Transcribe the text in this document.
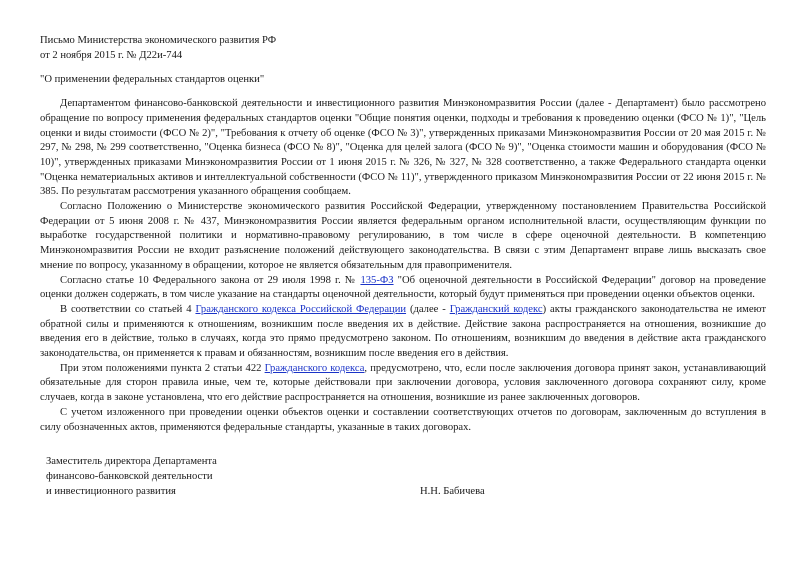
Письмо Министерства экономического развития РФ
от 2 ноября 2015 г. № Д22и-744
"О применении федеральных стандартов оценки"

Департаментом финансово-банковской деятельности и инвестиционного развития Минэкономразвития России (далее - Департамент) было рассмотрено обращение по вопросу применения федеральных стандартов оценки "Общие понятия оценки, подходы и требования к проведению оценки (ФСО № 1)", "Цель оценки и виды стоимости (ФСО № 2)", "Требования к отчету об оценке (ФСО № 3)", утвержденных приказами Минэкономразвития России от 20 мая 2015 г. № 297, № 298, № 299 соответственно, "Оценка бизнеса (ФСО № 8)", "Оценка для целей залога (ФСО № 9)", "Оценка стоимости машин и оборудования (ФСО № 10)", утвержденных приказами Минэкономразвития России от 1 июня 2015 г. № 326, № 327, № 328 соответственно, а также Федерального стандарта оценки "Оценка нематериальных активов и интеллектуальной собственности (ФСО № 11)", утвержденного приказом Минэкономразвития России от 22 июня 2015 г. № 385. По результатам рассмотрения указанного обращения сообщаем.

Согласно Положению о Министерстве экономического развития Российской Федерации, утвержденному постановлением Правительства Российской Федерации от 5 июня 2008 г. № 437, Минэкономразвития России является федеральным органом исполнительной власти, осуществляющим функции по выработке государственной политики и нормативно-правовому регулированию, в том числе в сфере оценочной деятельности. В компетенцию Минэкономразвития России не входит разъяснение положений действующего законодательства. В связи с этим Департамент вправе лишь высказать свое мнение по вопросу, указанному в обращении, которое не является обязательным для правоприменителя.

Согласно статье 10 Федерального закона от 29 июля 1998 г. № 135-ФЗ "Об оценочной деятельности в Российской Федерации" договор на проведение оценки должен содержать, в том числе указание на стандарты оценочной деятельности, который будут применяться при проведении оценки объектов оценки.

В соответствии со статьей 4 Гражданского кодекса Российской Федерации (далее - Гражданский кодекс) акты гражданского законодательства не имеют обратной силы и применяются к отношениям, возникшим после введения их в действие. Действие закона распространяется на отношения, возникшие до введения его в действие, только в случаях, когда это прямо предусмотрено законом. По отношениям, возникшим до введения в действие акта гражданского законодательства, он применяется к правам и обязанностям, возникшим после введения его в действия.

При этом положениями пункта 2 статьи 422 Гражданского кодекса, предусмотрено, что, если после заключения договора принят закон, устанавливающий обязательные для сторон правила иные, чем те, которые действовали при заключении договора, условия заключенного договора сохраняют силу, кроме случаев, когда в законе установлена, что его действие распространяется на отношения, возникшие из ранее заключенных договоров.

С учетом изложенного при проведении оценки объектов оценки и составлении соответствующих отчетов по договорам, заключенным до вступления в силу обозначенных актов, применяются федеральные стандарты, указанные в таких договорах.

Заместитель директора Департамента
финансово-банковской деятельности
и инвестиционного развития	Н.Н. Бабичева
